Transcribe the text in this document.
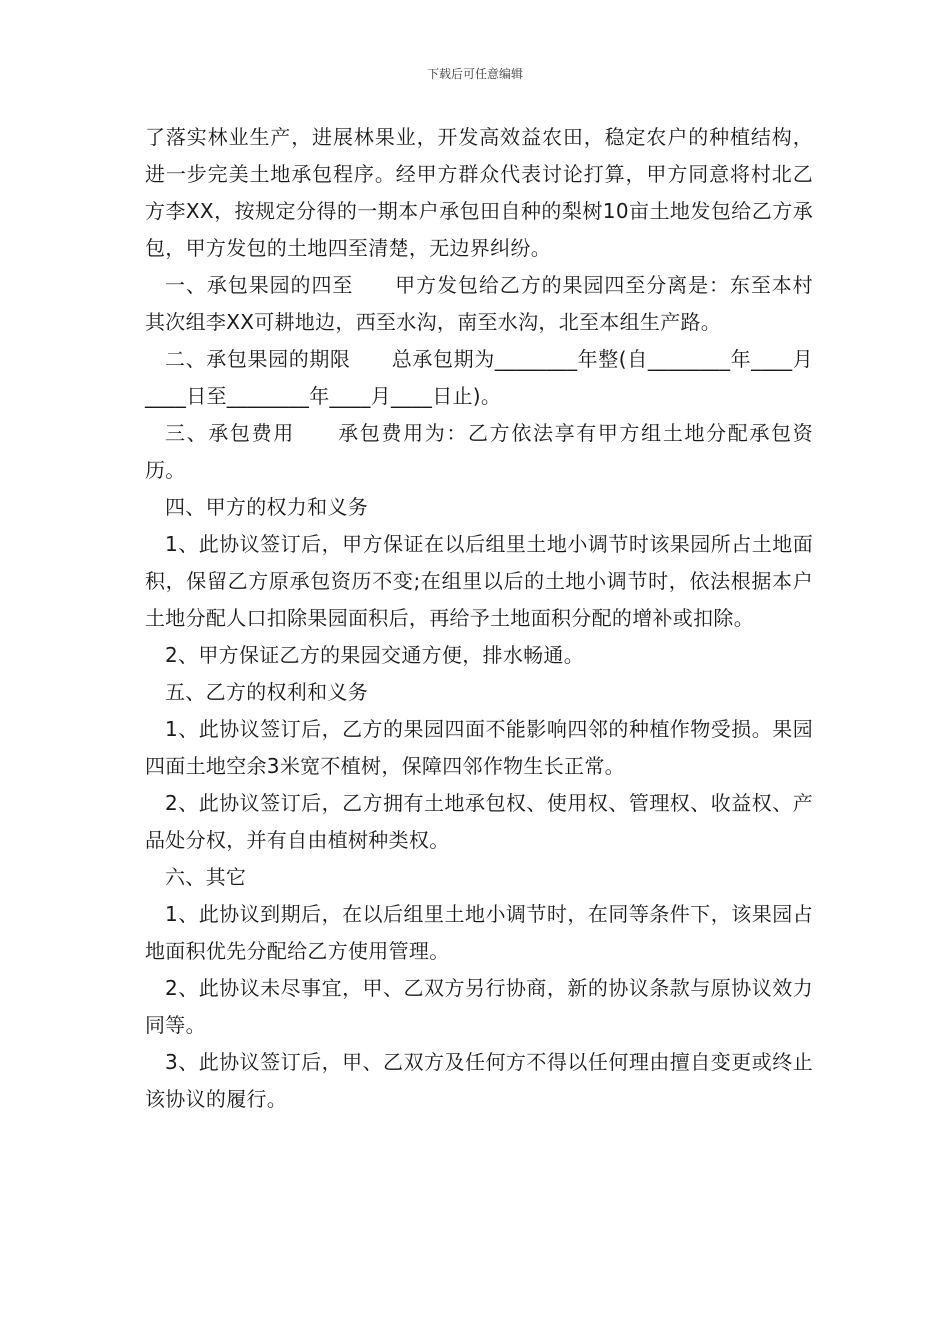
下载后可任意编辑

了落实林业生产，进展林果业，开发高效益农田，稳定农户的种植结构，进一步完美土地承包程序。经甲方群众代表讨论打算，甲方同意将村北乙方李XX，按规定分得的一期本户承包田自种的梨树10亩土地发包给乙方承包，甲方发包的土地四至清楚，无边界纠纷。

一、承包果园的四至　　甲方发包给乙方的果园四至分离是：东至本村其次组李XX可耕地边，西至水沟，南至水沟，北至本组生产路。

二、承包果园的期限　　总承包期为________年整(自________年____月____日至________年____月____日止)。

三、承包费用　　承包费用为：乙方依法享有甲方组土地分配承包资历。

四、甲方的权力和义务

1、此协议签订后，甲方保证在以后组里土地小调节时该果园所占土地面积，保留乙方原承包资历不变;在组里以后的土地小调节时，依法根据本户土地分配人口扣除果园面积后，再给予土地面积分配的增补或扣除。

2、甲方保证乙方的果园交通方便，排水畅通。

五、乙方的权利和义务

1、此协议签订后，乙方的果园四面不能影响四邻的种植作物受损。果园四面土地空余3米宽不植树，保障四邻作物生长正常。

2、此协议签订后，乙方拥有土地承包权、使用权、管理权、收益权、产品处分权，并有自由植树种类权。

六、其它

1、此协议到期后，在以后组里土地小调节时，在同等条件下，该果园占地面积优先分配给乙方使用管理。

2、此协议未尽事宜，甲、乙双方另行协商，新的协议条款与原协议效力同等。

3、此协议签订后，甲、乙双方及任何方不得以任何理由擅自变更或终止该协议的履行。
